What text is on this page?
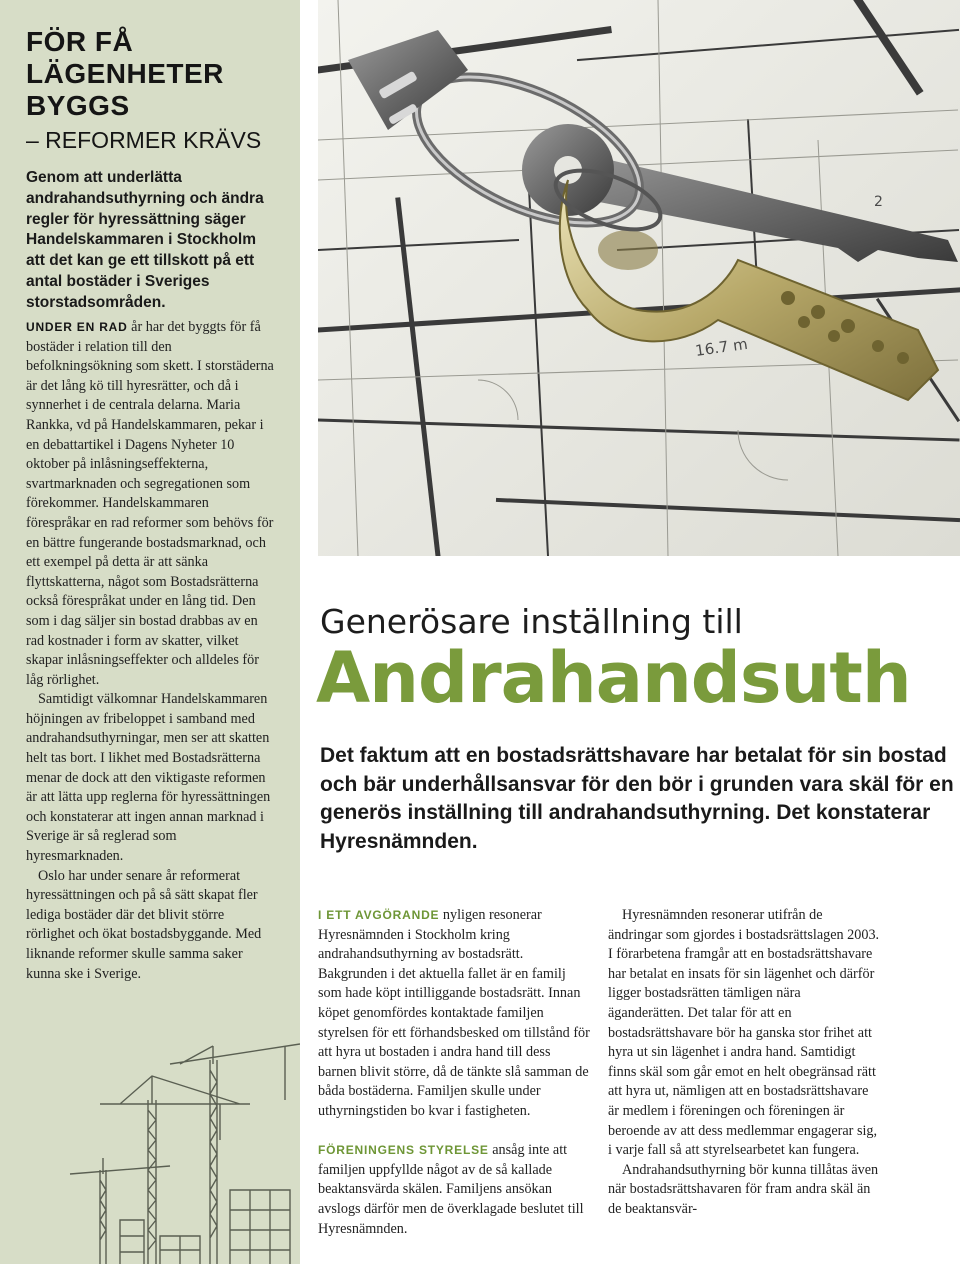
FÖR FÅ LÄGENHETER BYGGS
– REFORMER KRÄVS
Genom att underlätta andrahandsuthyrning och ändra regler för hyressättning säger Handelskammaren i Stockholm att det kan ge ett tillskott på ett antal bostäder i Sveriges storstadsområden.

UNDER EN RAD år har det byggts för få bostäder i relation till den befolkningsökning som skett. I storstäderna är det lång kö till hyresrätter, och då i synnerhet i de centrala delarna. Maria Rankka, vd på Handelskammaren, pekar i en debattartikel i Dagens Nyheter 10 oktober på inlåsningseffekterna, svartmarknaden och segregationen som förekommer. Handelskammaren förespråkar en rad reformer som behövs för en bättre fungerande bostadsmarknad, och ett exempel på detta är att sänka flyttskatterna, något som Bostadsrätterna också förespråkat under en lång tid. Den som i dag säljer sin bostad drabbas av en rad kostnader i form av skatter, vilket skapar inlåsningseffekter och alldeles för låg rörlighet.

Samtidigt välkomnar Handelskammaren höjningen av fribeloppet i samband med andrahandsuthyrningar, men ser att skatten helt tas bort. I likhet med Bostadsrätterna menar de dock att den viktigaste reformen är att lätta upp reglerna för hyressättningen och konstaterar att ingen annan marknad i Sverige är så reglerad som hyresmarknaden.

Oslo har under senare år reformerat hyressättningen och på så sätt skapat fler lediga bostäder där det blivit större rörlighet och ökat bostadsbyggande. Med liknande reformer skulle samma saker kunna ske i Sverige.

16.7 m
2
Generösare inställning till
Andrahandsuth
Det faktum att en bostadsrättshavare har betalat för sin bostad och bär underhållsansvar för den bör i grunden vara skäl för en generös inställning till andrahandsuthyrning. Det konstaterar Hyresnämnden.

I ETT AVGÖRANDE nyligen resonerar Hyresnämnden i Stockholm kring andrahandsuthyrning av bostadsrätt. Bakgrunden i det aktuella fallet är en familj som hade köpt intilliggande bostadsrätt. Innan köpet genomfördes kontaktade familjen styrelsen för ett förhandsbesked om tillstånd för att hyra ut bostaden i andra hand till dess barnen blivit större, då de tänkte slå samman de båda bostäderna. Familjen skulle under uthyrningstiden bo kvar i fastigheten.

FÖRENINGENS STYRELSE ansåg inte att familjen uppfyllde något av de så kallade beaktansvärda skälen. Familjens ansökan avslogs därför men de överklagade beslutet till Hyresnämnden.

Hyresnämnden resonerar utifrån de ändringar som gjordes i bostadsrättslagen 2003. I förarbetena framgår att en bostadsrättshavare har betalat en insats för sin lägenhet och därför ligger bostadsrätten tämligen nära äganderätten. Det talar för att en bostadsrättshavare bör ha ganska stor frihet att hyra ut sin lägenhet i andra hand. Samtidigt finns skäl som går emot en helt obegränsad rätt att hyra ut, nämligen att en bostadsrättshavare är medlem i föreningen och föreningen är beroende av att dess medlemmar engagerar sig, i varje fall så att styrelsearbetet kan fungera.

Andrahandsuthyrning bör kunna tillåtas även när bostadsrättshavaren för fram andra skäl än de beaktansvär-
